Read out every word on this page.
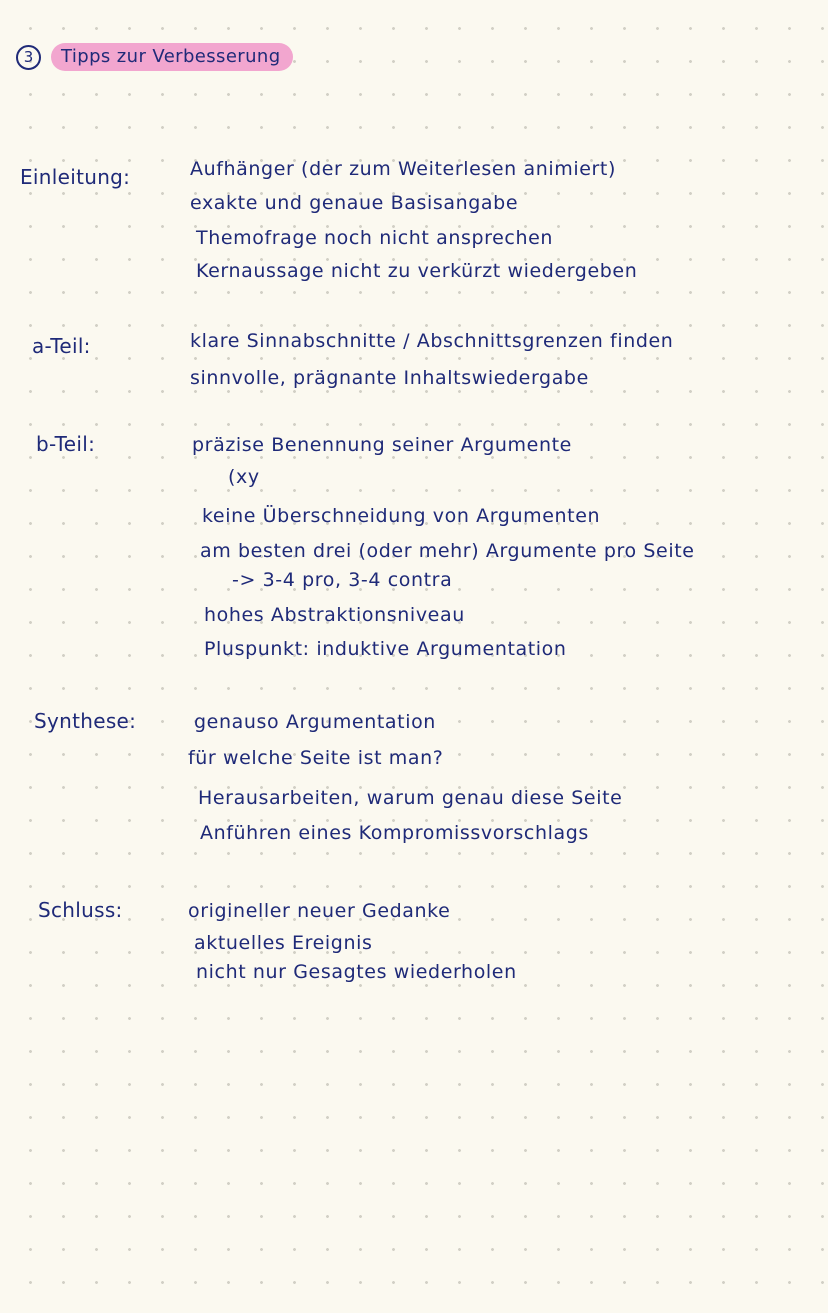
3	Tipps zur Verbesserung
Einleitung:	Aufhänger (der zum Weiterlesen animiert)
exakte und genaue Basisangabe
Themofrage noch nicht ansprechen
Kernaussage nicht zu verkürzt wiedergeben
a-Teil:	klare Sinnabschnitte / Abschnittsgrenzen finden
sinnvolle, prägnante Inhaltswiedergabe
b-Teil:	präzise Benennung seiner Argumente
(xy
keine Überschneidung von Argumenten
am besten drei (oder mehr) Argumente pro Seite
-> 3-4 pro, 3-4 contra
hohes Abstraktionsniveau
Pluspunkt: induktive Argumentation
Synthese:	genauso Argumentation
für welche Seite ist man?
Herausarbeiten, warum genau diese Seite
Anführen eines Kompromissvorschlags
Schluss:	origineller neuer Gedanke
aktuelles Ereignis
nicht nur Gesagtes wiederholen
